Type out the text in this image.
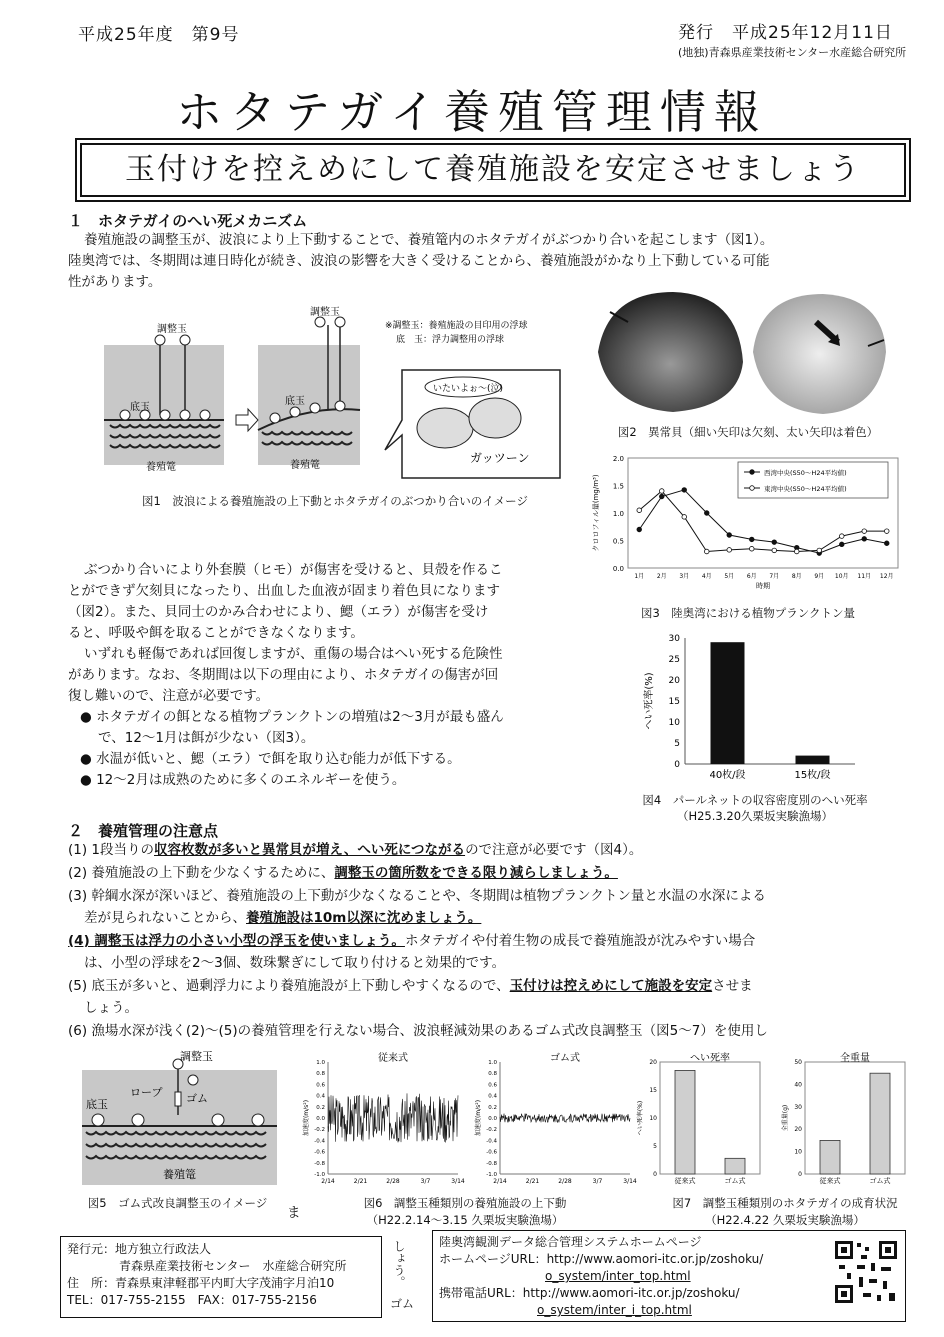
平成25年度　第9号	発行　平成25年12月11日
(地独)青森県産業技術センター水産総合研究所
ホタテガイ養殖管理情報
玉付けを控えめにして養殖施設を安定させましょう
１　ホタテガイのへい死メカニズム
養殖施設の調整玉が、波浪により上下動することで、養殖篭内のホタテガイがぶつかり合いを起こします（図1）。
陸奥湾では、冬期間は連日時化が続き、波浪の影響を大きく受けることから、養殖施設がかなり上下動している可能
性があります。
調整玉
底玉
養殖篭
調整玉
底玉
養殖篭
※調整玉：養殖施設の目印用の浮球
底　玉：浮力調整用の浮球
いたいよぉ～(泣)
ガッツーン
図1　波浪による養殖施設の上下動とホタテガイのぶつかり合いのイメージ
図2　異常貝（細い矢印は欠刻、太い矢印は着色）
0.0
0.5
1.0
1.5
2.0
1月 2月 3月 4月 5月 6月 7月 8月 9月 10月 11月 12月
時期
クロロフィル量(mg/m³)
西湾中央(S50～H24平均値)
東湾中央(S50～H24平均値)
図3　陸奥湾における植物プランクトン量
ぶつかり合いにより外套膜（ヒモ）が傷害を受けると、貝殻を作るこ
とができず欠刻貝になったり、出血した血液が固まり着色貝になります
（図2）。また、貝同士のかみ合わせにより、鰓（エラ）が傷害を受け
ると、呼吸や餌を取ることができなくなります。
いずれも軽傷であれば回復しますが、重傷の場合はへい死する危険性
があります。なお、冬期間は以下の理由により、ホタテガイの傷害が回
復し難いので、注意が必要です。
● ホタテガイの餌となる植物プランクトンの増殖は2～3月が最も盛ん
で、12～1月は餌が少ない（図3）。
● 水温が低いと、鰓（エラ）で餌を取り込む能力が低下する。
● 12～2月は成熟のために多くのエネルギーを使う。
0
5
10
15
20
25
30
へい死率(%)
40枚/段	15枚/段
図4　パールネットの収容密度別のへい死率
（H25.3.20久栗坂実験漁場）
２　養殖管理の注意点
(1) 1段当りの収容枚数が多いと異常貝が増え、へい死につながるので注意が必要です（図4）。
(2) 養殖施設の上下動を少なくするために、調整玉の箇所数をできる限り減らしましょう。
(3) 幹綱水深が深いほど、養殖施設の上下動が少なくなることや、冬期間は植物プランクトン量と水温の水深による
差が見られないことから、養殖施設は10m以深に沈めましょう。
(4) 調整玉は浮力の小さい小型の浮玉を使いましょう。ホタテガイや付着生物の成長で養殖施設が沈みやすい場合
は、小型の浮球を2～3個、数珠繋ぎにして取り付けると効果的です。
(5) 底玉が多いと、過剰浮力により養殖施設が上下動しやすくなるので、玉付けは控えめにして施設を安定させま
しょう。
(6) 漁場水深が浅く(2)～(5)の養殖管理を行えない場合、波浪軽減効果のあるゴム式改良調整玉（図5～7）を使用し
調整玉
ロープ ゴム
底玉
養殖篭
図5　ゴム式改良調整玉のイメージ
ま
従来式
1.0
0.8
0.6
0.4
0.2
0.0
-0.2
-0.4
-0.6
-0.8
-1.0
2/14	2/21	2/28	3/7	3/14
加速度(m/s²)
ゴム式
1.0
0.8
0.6
0.4
0.2
0.0
-0.2
-0.4
-0.6
-0.8
-1.0
2/14	2/21	2/28	3/7	3/14
加速度(m/s²)
図6　調整玉種類別の養殖施設の上下動
（H22.2.14～3.15 久栗坂実験漁場）
へい死率
0
5
10
15
20
へい死率(%)
従来式	ゴム式
全重量
0
10
20
30
40
50
全重量(g)
従来式	ゴム式
図7　調整玉種類別のホタテガイの成育状況
（H22.4.22 久栗坂実験漁場）
発行元：地方独立行政法人
青森県産業技術センター　水産総合研究所
住　所：青森県東津軽郡平内町大字茂浦字月泊10
TEL：017-755-2155　FAX：017-755-2156
しょう。
ゴム
陸奥湾観測データ総合管理システムホームページ
ホームページURL：http://www.aomori-itc.or.jp/zoshoku/
o_system/inter_top.html
携帯電話URL：http://www.aomori-itc.or.jp/zoshoku/
o_system/inter_i_top.html
